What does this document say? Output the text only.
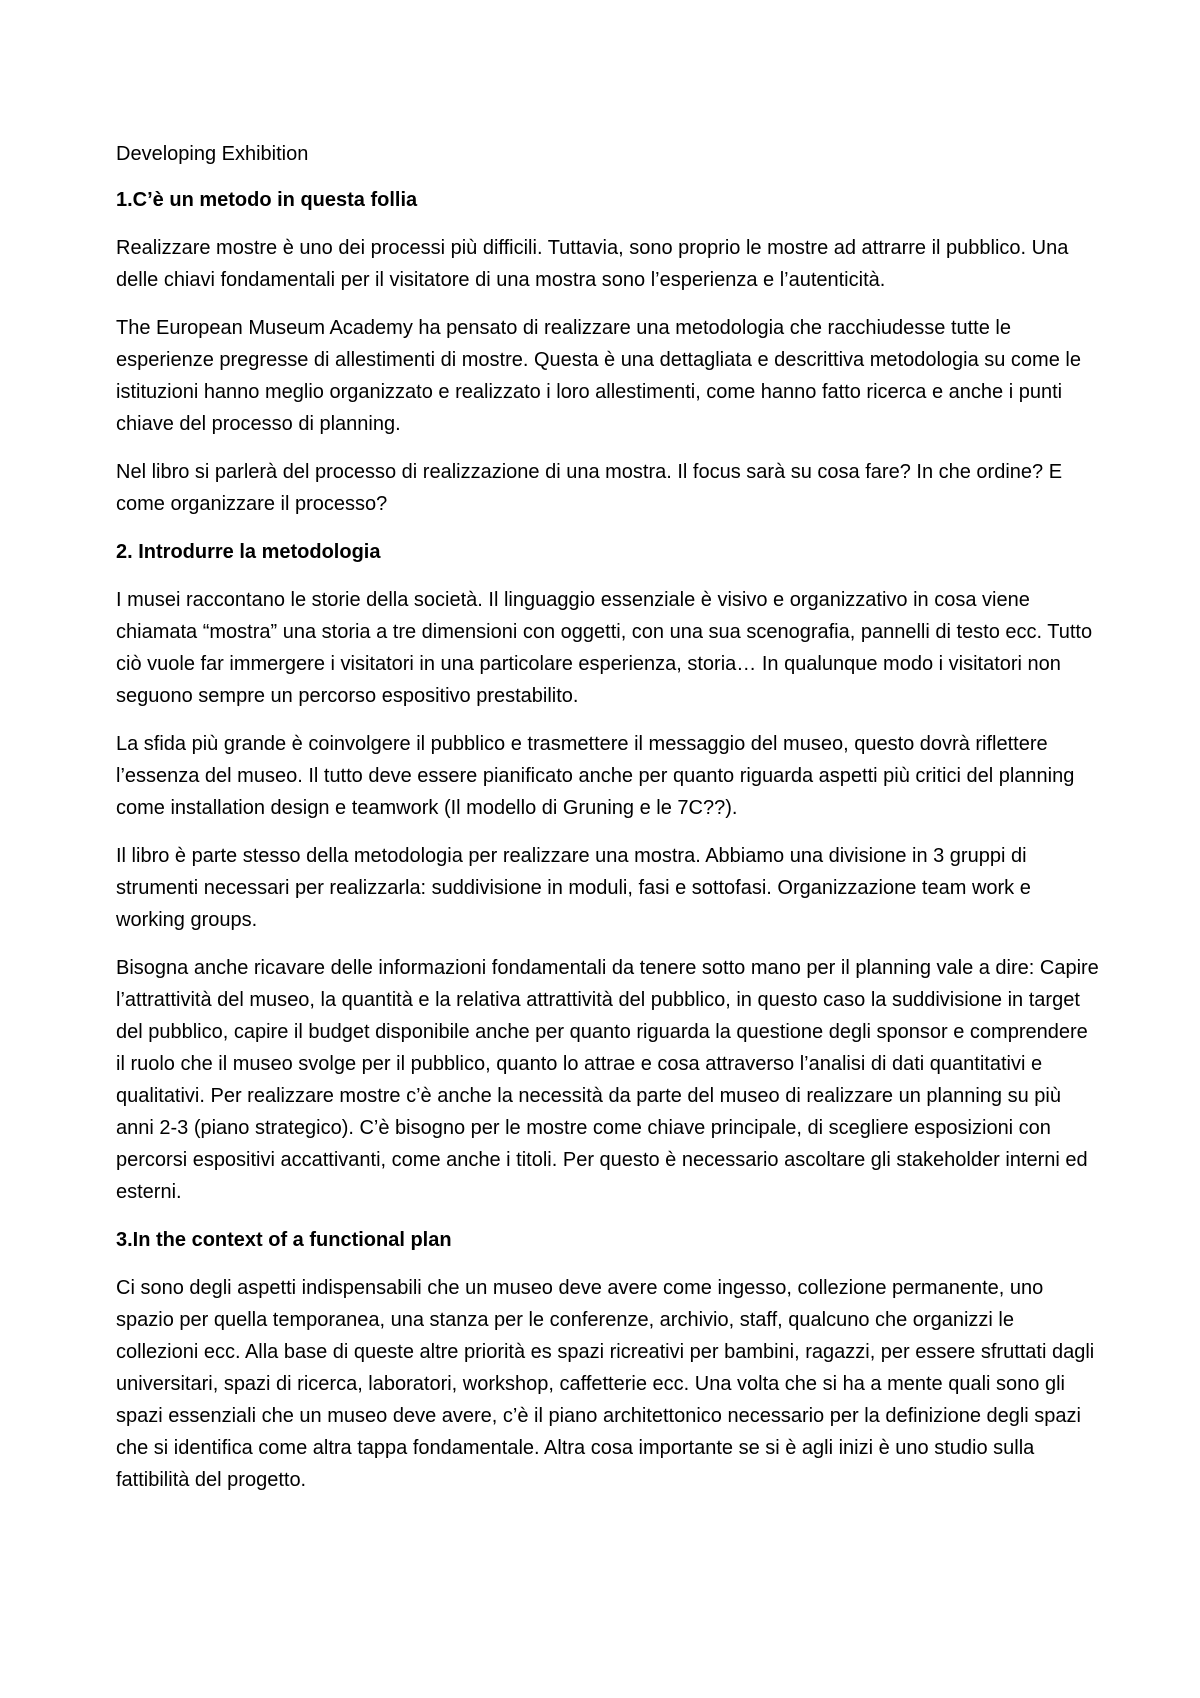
Developing Exhibition

1.C’è un metodo in questa follia

Realizzare mostre è uno dei processi più difficili. Tuttavia, sono proprio le mostre ad attrarre il pubblico. Una delle chiavi fondamentali per il visitatore di una mostra sono l’esperienza e l’autenticità.

The European Museum Academy ha pensato di realizzare una metodologia che racchiudesse tutte le esperienze pregresse di allestimenti di mostre. Questa è una dettagliata e descrittiva metodologia su come le istituzioni hanno meglio organizzato e realizzato i loro allestimenti, come hanno fatto ricerca e anche i punti chiave del processo di planning.

Nel libro si parlerà del processo di realizzazione di una mostra. Il focus sarà su cosa fare? In che ordine? E come organizzare il processo?

2. Introdurre la metodologia

I musei raccontano le storie della società. Il linguaggio essenziale è visivo e organizzativo in cosa viene chiamata “mostra” una storia a tre dimensioni con oggetti, con una sua scenografia, pannelli di testo ecc. Tutto ciò vuole far immergere i visitatori in una particolare esperienza, storia… In qualunque modo i visitatori non seguono sempre un percorso espositivo prestabilito.

La sfida più grande è coinvolgere il pubblico e trasmettere il messaggio del museo, questo dovrà riflettere l’essenza del museo. Il tutto deve essere pianificato anche per quanto riguarda aspetti più critici del planning come installation design e teamwork (Il modello di Gruning e le 7C??).

Il libro è parte stesso della metodologia per realizzare una mostra. Abbiamo una divisione in 3 gruppi di strumenti necessari per realizzarla: suddivisione in moduli, fasi e sottofasi. Organizzazione team work e working groups.

Bisogna anche ricavare delle informazioni fondamentali da tenere sotto mano per il planning vale a dire: Capire l’attrattività del museo, la quantità e la relativa attrattività del pubblico, in questo caso la suddivisione in target del pubblico, capire il budget disponibile anche per quanto riguarda la questione degli sponsor e comprendere il ruolo che il museo svolge per il pubblico, quanto lo attrae e cosa attraverso l’analisi di dati quantitativi e qualitativi. Per realizzare mostre c’è anche la necessità da parte del museo di realizzare un planning su più anni 2-3 (piano strategico). C’è bisogno per le mostre come chiave principale, di scegliere esposizioni con percorsi espositivi accattivanti, come anche i titoli. Per questo è necessario ascoltare gli stakeholder interni ed esterni.

3.In the context of a functional plan

Ci sono degli aspetti indispensabili che un museo deve avere come ingesso, collezione permanente, uno spazio per quella temporanea, una stanza per le conferenze, archivio, staff, qualcuno che organizzi le collezioni ecc. Alla base di queste altre priorità es spazi ricreativi per bambini, ragazzi, per essere sfruttati dagli universitari, spazi di ricerca, laboratori, workshop, caffetterie ecc. Una volta che si ha a mente quali sono gli spazi essenziali che un museo deve avere, c’è il piano architettonico necessario per la definizione degli spazi che si identifica come altra tappa fondamentale. Altra cosa importante se si è agli inizi è uno studio sulla fattibilità del progetto.
